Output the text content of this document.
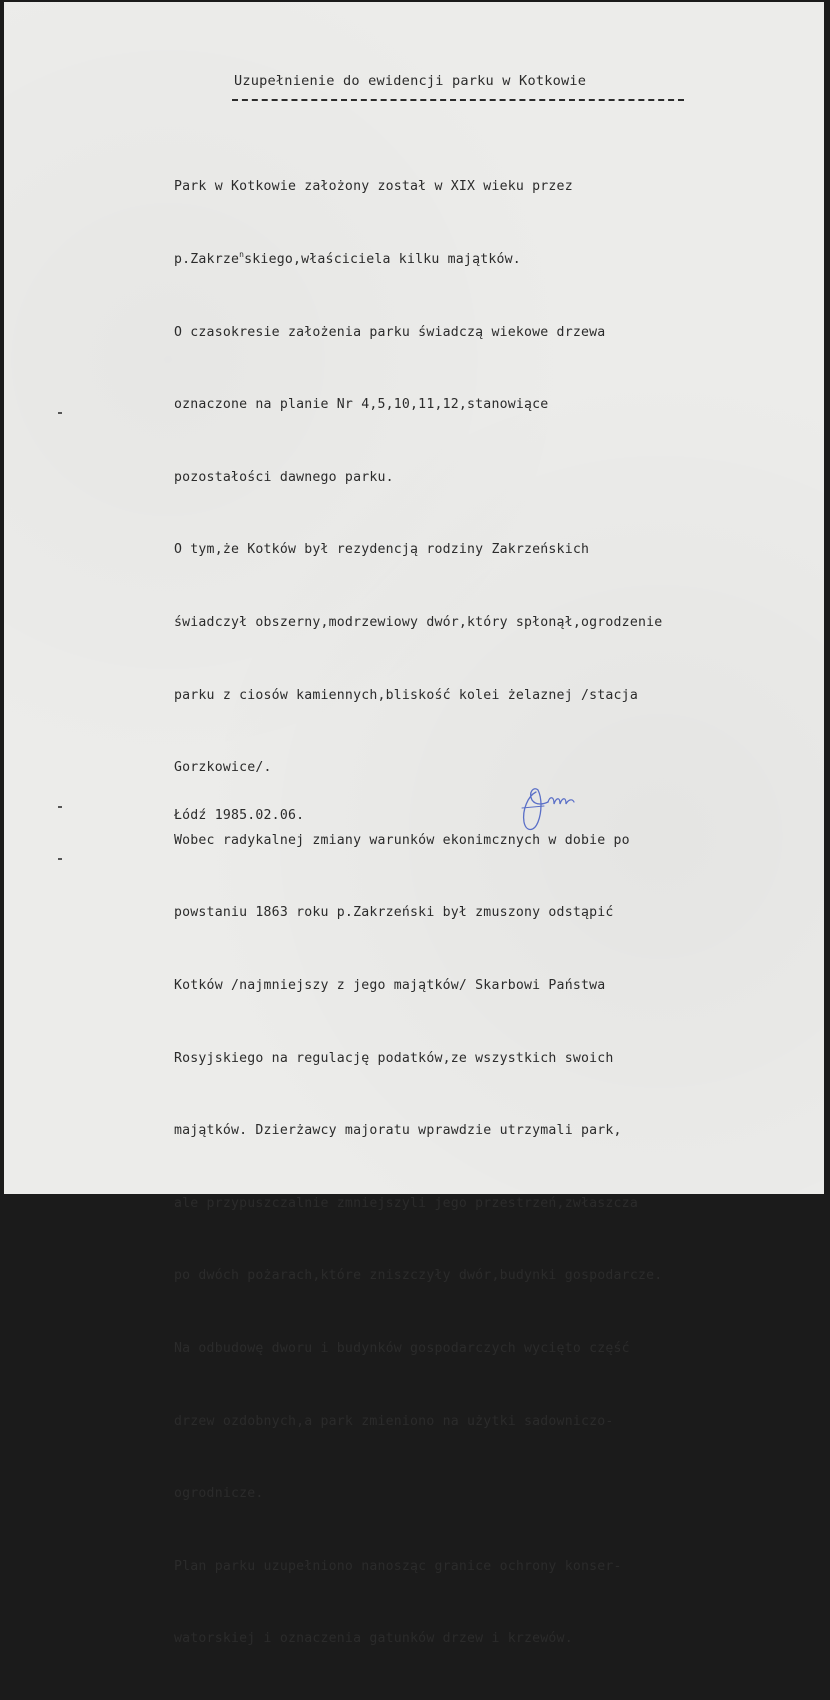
Uzupełnienie do ewidencji parku w Kotkowie

Park w Kotkowie założony został w XIX wieku przez

p.Zakrze$^n$skiego,właściciela kilku majątków.

O czasokresie założenia parku świadczą wiekowe drzewa

oznaczone na planie Nr 4,5,10,11,12,stanowiące

pozostałości dawnego parku.

O tym,że Kotków był rezydencją rodziny Zakrzeńskich

świadczył obszerny,modrzewiowy dwór,który spłonął,ogrodzenie

parku z ciosów kamiennych,bliskość kolei żelaznej /stacja

Gorzkowice/.

Wobec radykalnej zmiany warunków ekonimcznych w dobie po

powstaniu 1863 roku p.Zakrzeński był zmuszony odstąpić

Kotków /najmniejszy z jego majątków/ Skarbowi Państwa

Rosyjskiego na regulację podatków,ze wszystkich swoich

majątków. Dzierżawcy majoratu wprawdzie utrzymali park,

ale przypuszczalnie zmniejszyli jego przestrzeń,zwłaszcza

po dwóch pożarach,które zniszczyły dwór,budynki gospodarcze.

Na odbudowę dworu i budynków gospodarczych wycięto część

drzew ozdobnych,a park zmieniono na użytki sadowniczo-

ogrodnicze.

Plan parku uzupełniono nanosząc granice ochrony konser-

watorskiej i oznaczenia gatunków drzew i krzewów.

Łódź 1985.02.06.
